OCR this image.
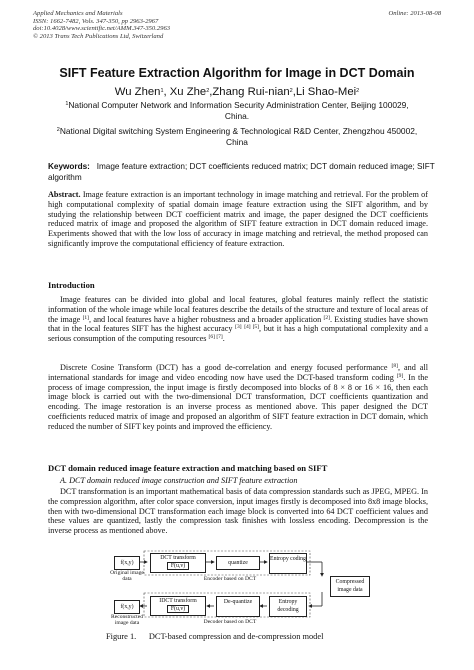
Applied Mechanics and Materials	Online: 2013-08-08
ISSN: 1662-7482, Vols. 347-350, pp 2963-2967
doi:10.4028/www.scientific.net/AMM.347-350.2963
© 2013 Trans Tech Publications Ltd, Switzerland
SIFT Feature Extraction Algorithm for Image in DCT Domain
Wu Zhen$^1$, Xu Zhe$^2$,Zhang Rui-nian$^2$,Li Shao-Mei$^2$
$^1$National Computer Network and Information Security Administration Center, Beijing 100029,
China.
$^2$National Digital switching System Engineering & Technological R&D Center, Zhengzhou 450002,
China
Keywords: Image feature extraction; DCT coefficients reduced matrix; DCT domain reduced image; SIFT algorithm
Abstract. Image feature extraction is an important technology in image matching and retrieval. For the problem of high computational complexity of spatial domain image feature extraction using the SIFT algorithm, and by studying the relationship between DCT coefficient matrix and image, the paper designed the DCT coefficients reduced matrix of image and proposed the algorithm of SIFT feature extraction in DCT domain reduced image. Experiments showed that with the low loss of accuracy in image matching and retrieval, the method proposed can significantly improve the computational efficiency of feature extraction.
Introduction
Image features can be divided into global and local features, global features mainly reflect the statistic information of the whole image while local features describe the details of the structure and texture of local areas of the image [1], and local features have a higher robustness and a broader application [2]. Existing studies have shown that in the local features SIFT has the highest accuracy [3] [4] [5], but it has a high computational complexity and a serious consumption of the computing resources [6] [7].
Discrete Cosine Transform (DCT) has a good de-correlation and energy focused performance [8], and all international standards for image and video encoding now have used the DCT-based transform coding [9]. In the process of image compression, the input image is firstly decomposed into blocks of 8 × 8 or 16 × 16, then each image block is carried out with the two-dimensional DCT transformation, DCT coefficients quantization and encoding. The image restoration is an inverse process as mentioned above. This paper designed the DCT coefficients reduced matrix of image and proposed an algorithm of SIFT feature extraction in DCT domain, which reduced the number of SIFT key points and improved the efficiency.
DCT domain reduced image feature extraction and matching based on SIFT
A. DCT domain reduced image construction and SIFT feature extraction
DCT transformation is an important mathematical basis of data compression standards such as JPEG, MPEG. In the compression algorithm, after color space conversion, input images firstly is decomposed into 8x8 image blocks, then with two-dimensional DCT transformation each image block is converted into 64 DCT coefficient values and these values are quantized, lastly the compression task finishes with lossless encoding. Decompression is the inverse process as mentioned above.
f(x,y)
Original image data
DCT transform
F(u,v)	quantize
Entropy coding
Encoder based on DCT	Compressed image data
f(x,y)
Reconstructed image data
IDCT transform
F(u,v)
De-quantize	Entropy decoding
Decoder based on DCT
Figure 1. DCT-based compression and de-compression model
